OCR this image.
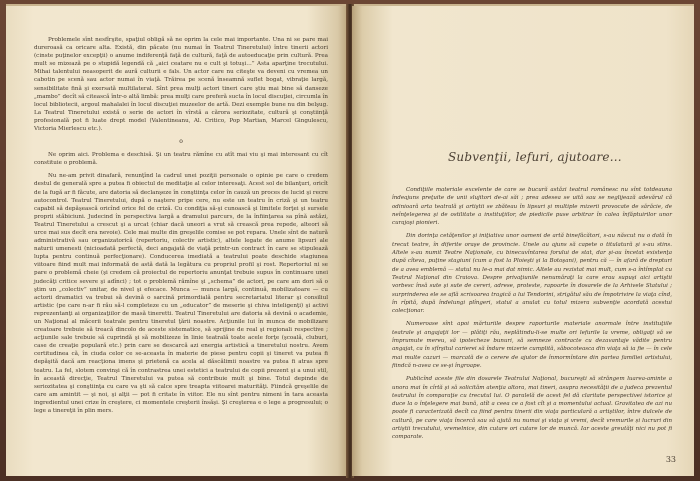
Problemele sînt nesfîrşite, spaţiul obligă să ne oprim la cele mai importante. Una ni se pare mai dureroasă ca oricare alta. Există, din păcate (nu numai în Teatrul Tineretului) între tinerii actori (cinste puţinelor excepţii) o anume indiferenţă faţă de cultură, faţă de autoeducaţie prin cultură. Prea mult se mizează pe o stupidă legendă că „aici ceatare nu e cult şi totuşi…” Asta aparţine trecutului. Mihai talentului neasoperit de aură culturii e fals. Un actor care nu citeşte va deveni cu vremea un cabotin pe scenă sau actor numai în viaţă. Trăirea pe scenă înseamnă suflet bogat, vibraţie largă, sensibilitate fină şi exersată multilateral. Sînt prea mulţi actori tineri care ştiu mai bine să danseze „mambo” decît să citească într-o altă limbă: prea mulţi care preferă sucta în locul discuţiei, circumla în locul bibliotecii, argoul mahalalei în locul discuţiei muzeelor de artă. Dezi exemple bune nu din belşug. La Teatrul Tineretului există o serie de actori în vîrstă a cărora seriozitate, cultură şi conştiinţă profesională pot fi luate drept model (Valentineanu, Al. Critico, Pop Martian, Marcel Gingulescu, Victoria Mierlescu etc.).

o

Ne oprim aici. Problema e deschisă. Şi un teatru rămîne cu atît mai viu şi mai interesant cu cît constituie o problemă.

Nu ne-am privit dinafară, renunţînd la cadrul unei poziţii personale o opinie pe care o credem destul de generală spre a putea fi obiectul de meditaţie al celor interesaţi. Acest sol de bilanţuri, oricît de la fugă ar fi făcute, are datoria să declanşeze în conştiinţa celor în cauză un proces de lucid şi recre autocontrol. Teatrul Tineretului, după o naştere pripe cere, nu este un teatru în criză şi un teatru capabil să depăşească oricînd orice fel de criză. Cu condiţia să-şi cunoască şi limitele forţei şi sursele proprii stăbiciuni. Judecind în perspectiva largă a dramului parcurs, de la înfiinţarea sa pînă astăzi, Teatrul Tineretului a crescut şi a urcat (chiar dacă uneori a vrut să crească prea repede, alteori să urce mai sus decît era nevoie). Cele mai multe din greşelile comise se pot repara. Unele sînt de natură administrativă sau organizatorică (repertoriu, colectiv artistic), altele legate de anume lipsuri ale naturii umenesti (nicioadată perfectă, deci angajată de viaţă printr-un contract în care se stipulează lupta pentru continuă perfecţionare). Conducerea imediată a teatrului poate deschide stagiunea viitoare fiind mult mai informată de astă dată la legătura cu propriul profil şi rost. Repertoriul ni se pare o problemă cheie (şi credem că proiectul de repertoriu anunţat trebuie supus în continuare unei judecăţi critice severe şi adînci) ; tot o problemă rămîne şi „schema” de actori, pe care am dori să o ştim un „colectiv” unitar, de nivel şi efecace. Munca — munca largă, continuă, mobilizatoare — cu actorii dramatici va trebui să devină o sarcină primordială pentru secretariatul literar şi consiliul artistic (pe care n-ar fi rău să-l completeze cu un „educator” de meserie şi chiva inteligenţi) şi activi reprezentanţi ai organizaţiilor de masă tineretti. Teatrul Tineretului are datoria să devină o academie, un Naţional al măcerii teatrale pentru tineretul ţării noastre. Acţiunile lui în munca de mobilizare creatoare trebuie să treacă dincolo de aceste sistematice, să sprijine de real şi regionali respective ; acţiunile sale trebuie să cuprindă şi să mobilizeze în linie teatrală toate acele forţe (şcoală, cluburi, case de creaţie populară etc.) prin care se descarcă azi energia artistică a tineretului nostru. Avem certitudinea că, în ciuda celor ce se-aceasta în materie de piese pentru copii şi tineret va putea fi depăşită dacă am reacţiona imens şi prietenă ca acela al dăscălimii noastre va putea fi atras spre teatru. La fel, slotem convinşi că în contrastrea unei estetici a teatrului de copii prezent şi a unui stil, în această direcţie, Teatrul Tineretului va putea să contribuie mult şi bine. Totul depinde de seriozitatea şi conştiinţa cu care va şti să calce spre treapta viitoarei maturităţi. Fiindcă greşelile de care am amintit — şi noi, şi alţii — pot fi critate în viitor. Ele nu sînt pentru nimeni în tara aceasta ingredientul unei crize în creştere, ci momentele creşterii însăşi. Şi creşterea e o lege a progresului; o lege a tinereţii în plin mers.

Subvenţii, lefuri, ajutoare...

Condiţiile materiale excelente de care se bucură astăzi teatrul românesc nu sînt totdeauna îndeajuns preţuite de unii slujitori de-ai săi ; prea adesea se uită sau se neglijează adevărul că odinioară arta teatrală şi artiştii se zbăteau în lipsuri şi multiple mizerii provocate de sărăcie, de neînţelegerea şi de ostilitate a instituţiilor, de piedicile puse arbitrar în calea înfăptuirilor unor curajoşi pionieri.

Din dorinţa cetăţenilor şi iniţiativa unor oameni de artă binefăcători, s-au născut nu o dată în trecut teatre, în diferite oraşe de provincie. Unele au ajuns să capete o titulatură şi s-au stins. Altele s-au numit Teatre Naţionale, cu binecuvîntarea forului de stat, dar şi-au încetat existenţa după cîteva, puţine stagiuni (cum a fost la Ploieşti şi la Botoşani), pentru că — în afară de drepturi de a avea emblemă — statul nu le-a mai dat nimic. Altele au rezistat mai mult, cum s-a întîmplat cu Teatrul Naţional din Craiova. Despre privaţiunile nenumăraţi la care erau supuşi aici artiştii vorbesc însă sute şi sute de cereri, adrese, proteste, rapoarte în dosarele de la Arhivele Statului ; surprinderea ele se află scrisoarea tragică a lui Tendorini, strigătul său de împotrivire la viaţa cînd, în rîpită, după îndelungi plîngeri, statul a anulat cu totul mizera subvenţie acordată acestui colecţionar.

Numeroase sînt apoi mărturiile despre raporturile materiale anormale între instituţiile teatrale şi angajaţii lor — plătiţi rău, neplătindu-li-se multe ori lefurile la vreme, obligaţi să se împrumute mereu, să ipotecheze bunuri, să semneze contracte cu dezavantaje vădite pentru angajat, ca în sfîrşitul carierei să îndure mizerie cumplită, săbocoteasca din viaţa să ia fie — în cele mai multe cazuri — marcată de o cerere de ajutor de înmormîntare din partea familiei artistului, fiindcă n-avea ce se-şi îngroape.

Publicînd aceste file din dosarele Teatrului Naţional, bucureşti să străngem luarea-aminte a unora mai în cîrtă şi să solicităm atenţia altora, mai tineri, asupra necesităţii de a judeca prezentul teatrului în comparaţie cu trecutul lui. O paralelă de acest fel dă claritate perspectivei istorice şi duce la o înţelegere mai bună, atît a ceea ce a fost cît şi a momentului actual. Gravitatea de azi nu poate fi caracterizată decît ca fiind pentru tinerii din viaţa particulară a artiştilor, între dulcele de cultură, pe care viaţa încercă sau să ajută nu numai şi viaţa şi vremi, decît vremurile și lucruri din artiştii trecutului, vremelnice, din cutare ori cutare lor de muncă. Iar aceste greutăţi nici nu pot fi comparate.

33
